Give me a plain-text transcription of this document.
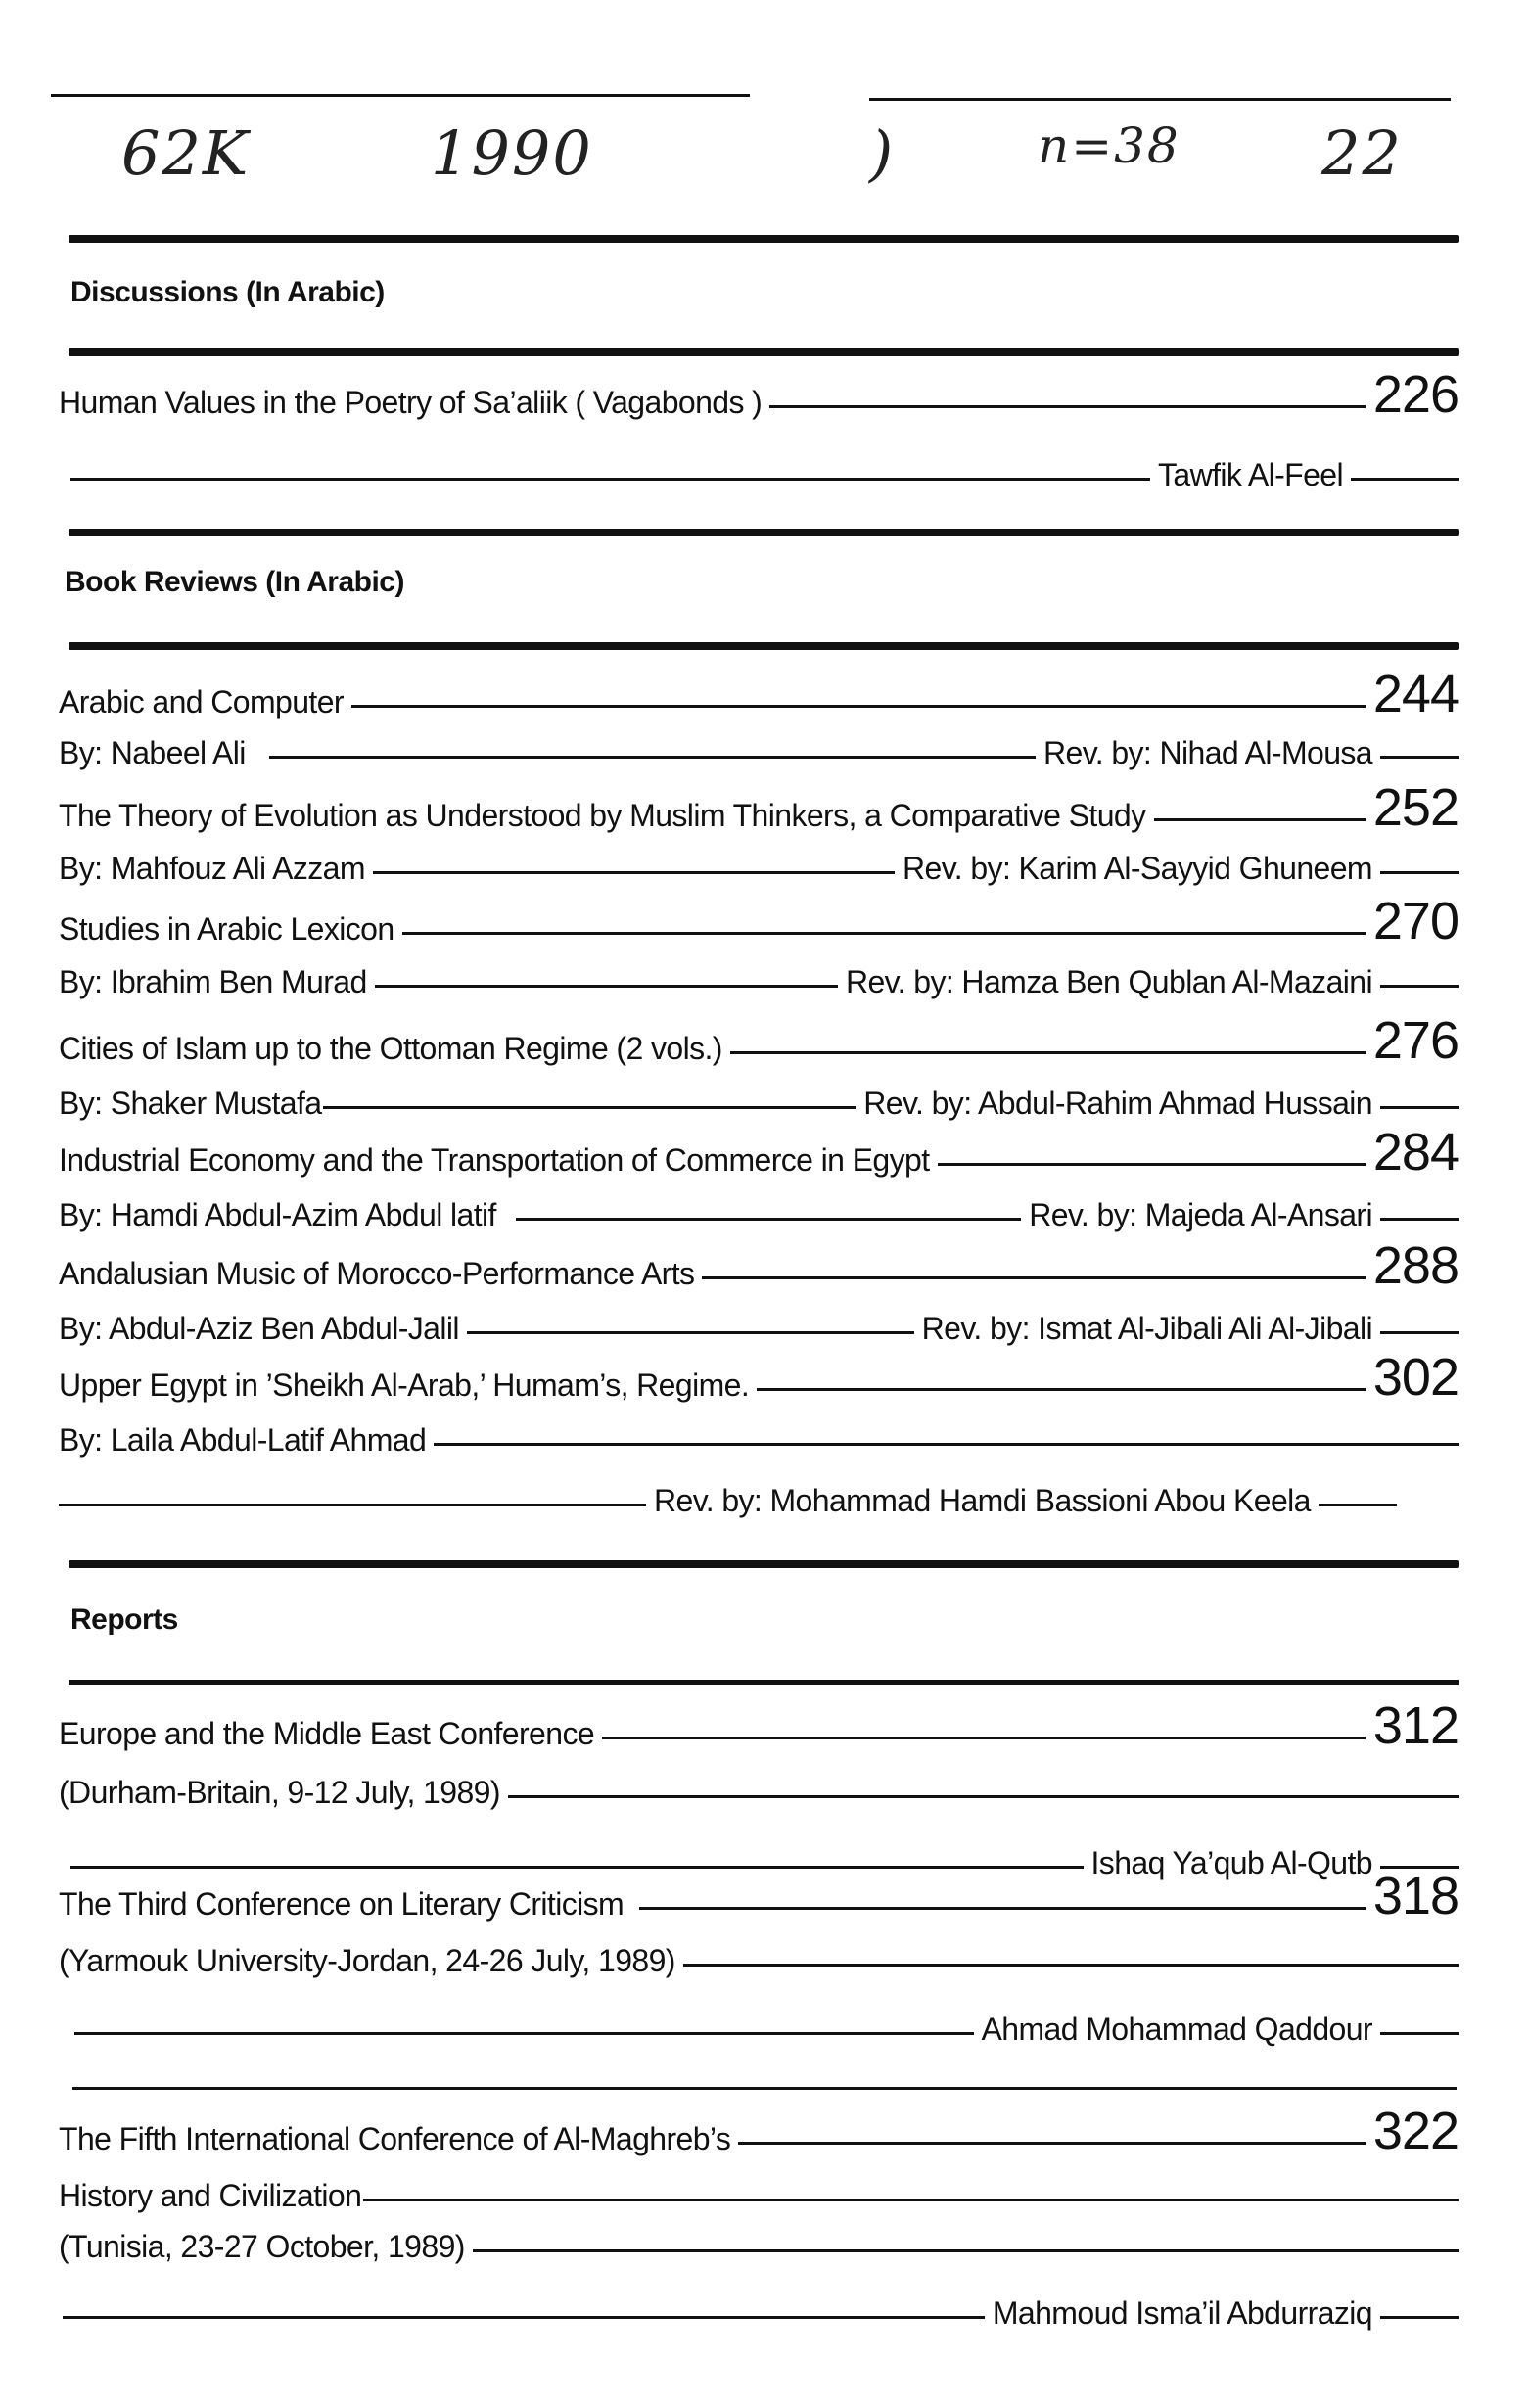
62K	1990	)	n=38 22
Discussions (In Arabic)
Human Values in the Poetry of Sa’aliik ( Vagabonds )	226
Tawfik Al-Feel
Book Reviews (In Arabic)
Arabic and Computer	244
By: Nabeel Ali	Rev. by: Nihad Al-Mousa
The Theory of Evolution as Understood by Muslim Thinkers, a Comparative Study	252
By: Mahfouz Ali Azzam	Rev. by: Karim Al-Sayyid Ghuneem
Studies in Arabic Lexicon	270
By: Ibrahim Ben Murad	Rev. by: Hamza Ben Qublan Al-Mazaini
Cities of Islam up to the Ottoman Regime (2 vols.)	276
By: Shaker Mustafa	Rev. by: Abdul-Rahim Ahmad Hussain
Industrial Economy and the Transportation of Commerce in Egypt	284
By: Hamdi Abdul-Azim Abdul latif	Rev. by: Majeda Al-Ansari
Andalusian Music of Morocco-Performance Arts	288
By: Abdul-Aziz Ben Abdul-Jalil	Rev. by: Ismat Al-Jibali Ali Al-Jibali
Upper Egypt in ’Sheikh Al-Arab,’ Humam’s, Regime.	302
By: Laila Abdul-Latif Ahmad
Rev. by: Mohammad Hamdi Bassioni Abou Keela
Reports
Europe and the Middle East Conference	312
(Durham-Britain, 9-12 July, 1989)
Ishaq Ya’qub Al-Qutb
The Third Conference on Literary Criticism	318
(Yarmouk University-Jordan, 24-26 July, 1989)
Ahmad Mohammad Qaddour
The Fifth International Conference of Al-Maghreb’s	322
History and Civilization
(Tunisia, 23-27 October, 1989)
Mahmoud Isma’il Abdurraziq
